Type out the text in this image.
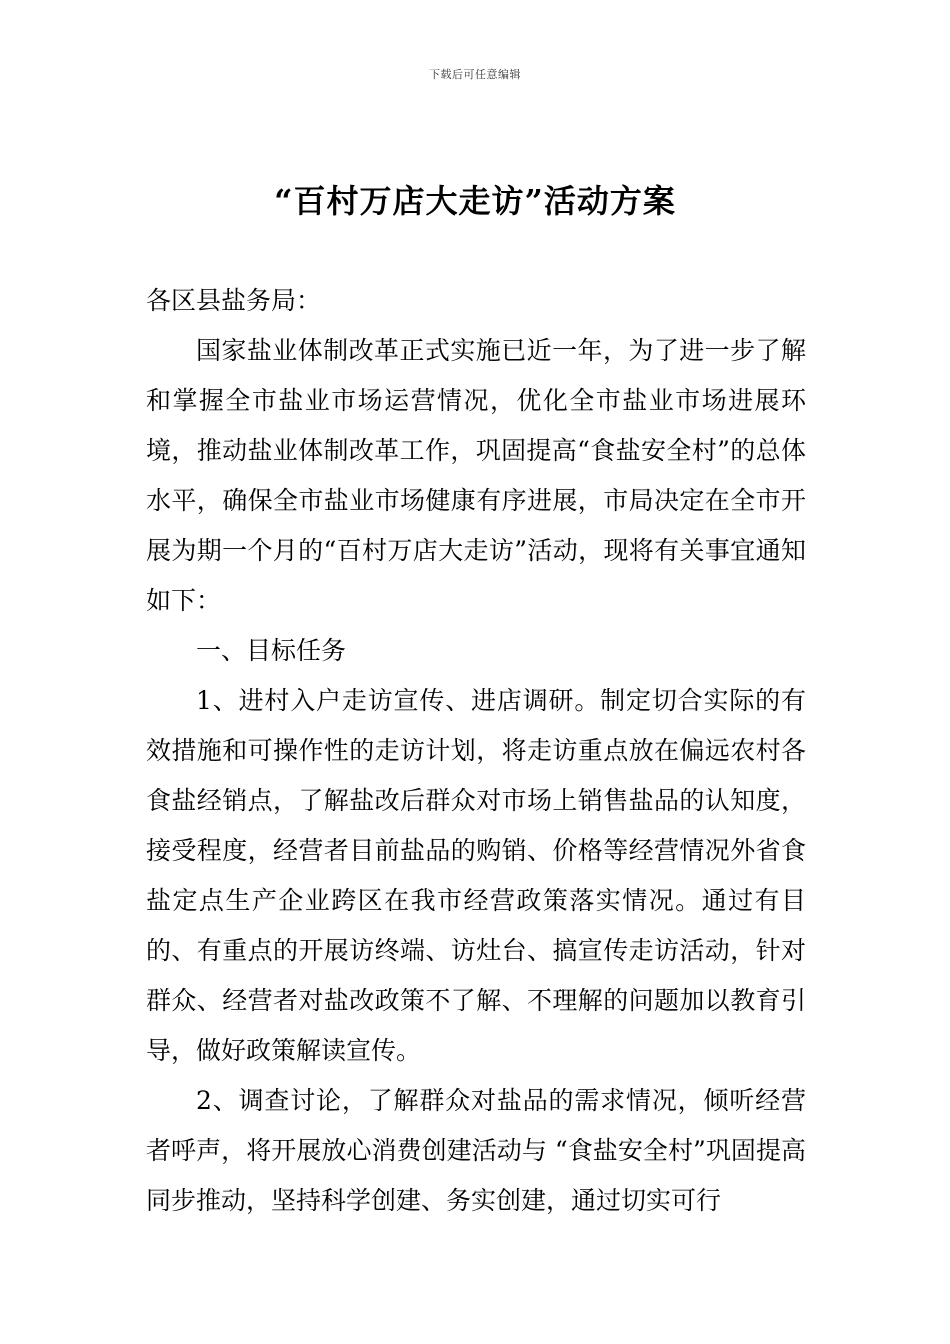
下载后可任意编辑
“百村万店大走访”活动方案

各区县盐务局：

国家盐业体制改革正式实施已近一年，为了进一步了解和掌握全市盐业市场运营情况，优化全市盐业市场进展环境，推动盐业体制改革工作，巩固提高“食盐安全村”的总体水平，确保全市盐业市场健康有序进展，市局决定在全市开展为期一个月的“百村万店大走访”活动，现将有关事宜通知如下：

一、目标任务

1、进村入户走访宣传、进店调研。制定切合实际的有效措施和可操作性的走访计划，将走访重点放在偏远农村各食盐经销点，了解盐改后群众对市场上销售盐品的认知度，接受程度，经营者目前盐品的购销、价格等经营情况外省食盐定点生产企业跨区在我市经营政策落实情况。通过有目的、有重点的开展访终端、访灶台、搞宣传走访活动，针对群众、经营者对盐改政策不了解、不理解的问题加以教育引导，做好政策解读宣传。

2、调查讨论，了解群众对盐品的需求情况，倾听经营者呼声，将开展放心消费创建活动与 “食盐安全村”巩固提高同步推动，坚持科学创建、务实创建，通过切实可行
